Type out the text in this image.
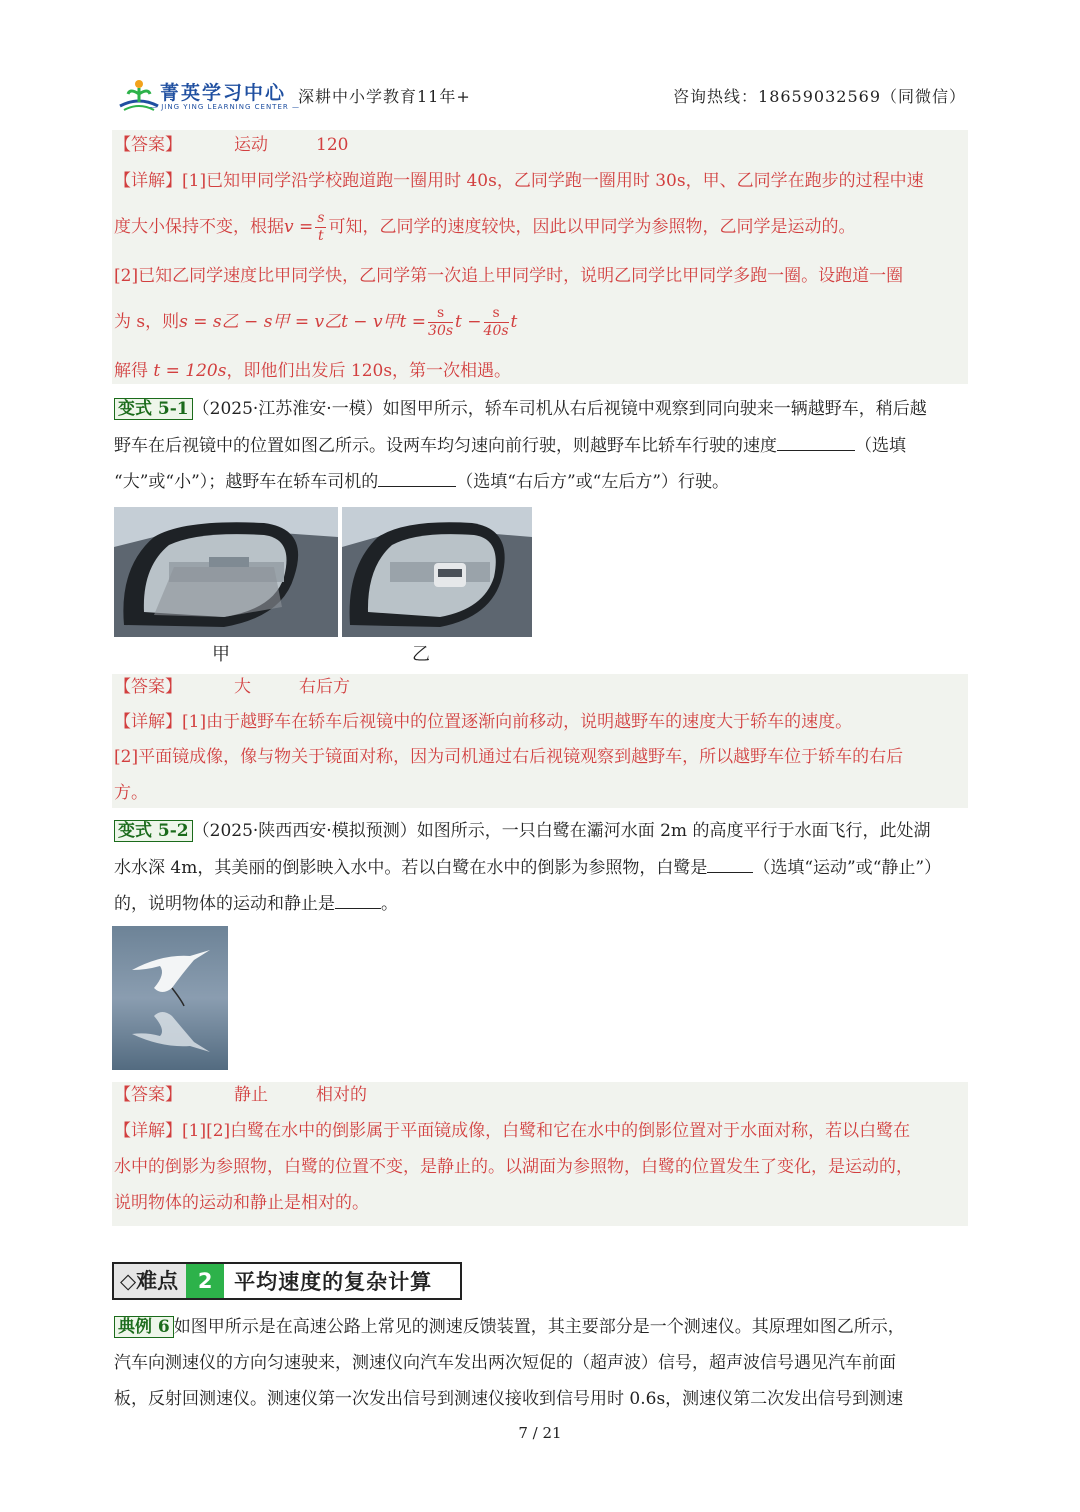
菁英学习中心
— JING YING LEARNING CENTER —
深耕中小学教育11年+	咨询热线：18659032569（同微信）
【答案】	运动	120
【详解】[1]已知甲同学沿学校跑道跑一圈用时 40s，乙同学跑一圈用时 30s，甲、乙同学在跑步的过程中速
度大小保持不变，根据$v = \frac{s}{t}$ 可知，乙同学的速度较快，因此以甲同学为参照物，乙同学是运动的。
[2]已知乙同学速度比甲同学快，乙同学第一次追上甲同学时，说明乙同学比甲同学多跑一圈。设跑道一圈
为 s，则s = s乙 − s甲 = v乙t − v甲$t = \frac{s}{30s}$ $t - \frac{s}{40s}$ t
解得 t = 120s，即他们出发后 120s，第一次相遇。
变式 5-1 （2025·江苏淮安·一模）如图甲所示，轿车司机从右后视镜中观察到同向驶来一辆越野车，稍后越
野车在后视镜中的位置如图乙所示。设两车均匀速向前行驶，则越野车比轿车行驶的速度	（选填
“大”或“小”）；越野车在轿车司机的	（选填“右后方”或“左后方”）行驶。
甲	乙
【答案】	大	右后方
【详解】[1]由于越野车在轿车后视镜中的位置逐渐向前移动，说明越野车的速度大于轿车的速度。
[2]平面镜成像，像与物关于镜面对称，因为司机通过右后视镜观察到越野车，所以越野车位于轿车的右后
方。
变式 5-2 （2025·陕西西安·模拟预测）如图所示，一只白鹭在灞河水面 2m 的高度平行于水面飞行，此处湖
水水深 4m，其美丽的倒影映入水中。若以白鹭在水中的倒影为参照物，白鹭是	（选填“运动”或“静止”）
的，说明物体的运动和静止是	。
【答案】	静止	相对的
【详解】[1][2]白鹭在水中的倒影属于平面镜成像，白鹭和它在水中的倒影位置对于水面对称，若以白鹭在
水中的倒影为参照物，白鹭的位置不变，是静止的。以湖面为参照物，白鹭的位置发生了变化，是运动的，
说明物体的运动和静止是相对的。
◇难点 2	平均速度的复杂计算
典例 6 如图甲所示是在高速公路上常见的测速反馈装置，其主要部分是一个测速仪。其原理如图乙所示，
汽车向测速仪的方向匀速驶来，测速仪向汽车发出两次短促的（超声波）信号，超声波信号遇见汽车前面
板，反射回测速仪。测速仪第一次发出信号到测速仪接收到信号用时 0.6s，测速仪第二次发出信号到测速
7 / 21
